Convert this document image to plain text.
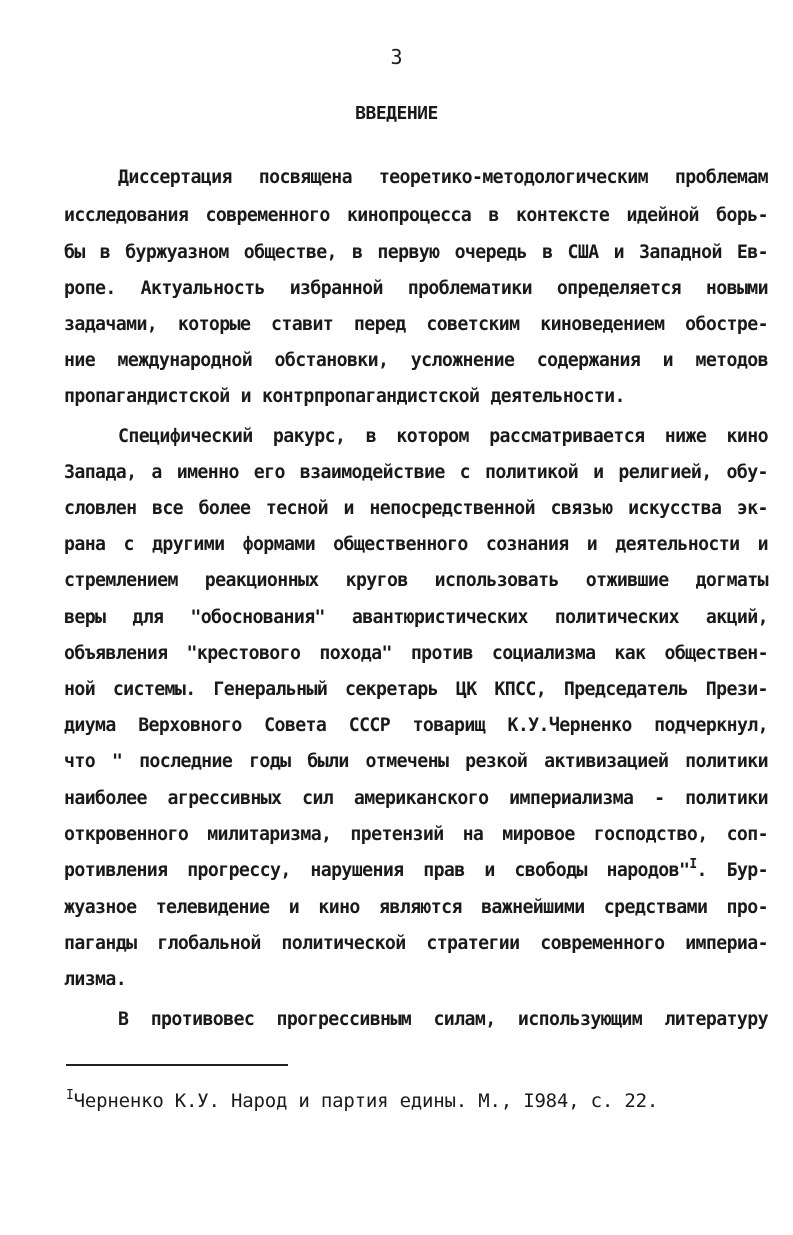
3
ВВЕДЕНИЕ
Диссертация посвящена теоретико-методологическим проблемам
исследования современного кинопроцесса в контексте идейной борь-
бы в буржуазном обществе, в первую очередь в США и Западной Ев-
ропе. Актуальность избранной проблематики определяется новыми
задачами, которые ставит перед советским киноведением обостре-
ние международной обстановки, усложнение содержания и методов
пропагандистской и контрпропагандистской деятельности.
Специфический ракурс, в котором рассматривается ниже кино
Запада, а именно его взаимодействие с политикой и религией, обу-
словлен все более тесной и непосредственной связью искусства эк-
рана с другими формами общественного сознания и деятельности и
стремлением реакционных кругов использовать отжившие догматы
веры для "обоснования" авантюристических политических акций,
объявления "крестового похода" против социализма как обществен-
ной системы. Генеральный секретарь ЦК КПСС, Председатель Прези-
диума Верховного Совета СССР товарищ К.У.Черненко подчеркнул,
что " последние годы были отмечены резкой активизацией политики
наиболее агрессивных сил американского империализма - политики
откровенного милитаризма, претензий на мировое господство, соп-
ротивления прогрессу, нарушения прав и свободы народов"$^I$. Бур-
жуазное телевидение и кино являются важнейшими средствами про-
паганды глобальной политической стратегии современного империа-
лизма.
В противовес прогрессивным силам, использующим литературу
$^I$Черненко К.У. Народ и партия едины. М., I984, с. 22.
